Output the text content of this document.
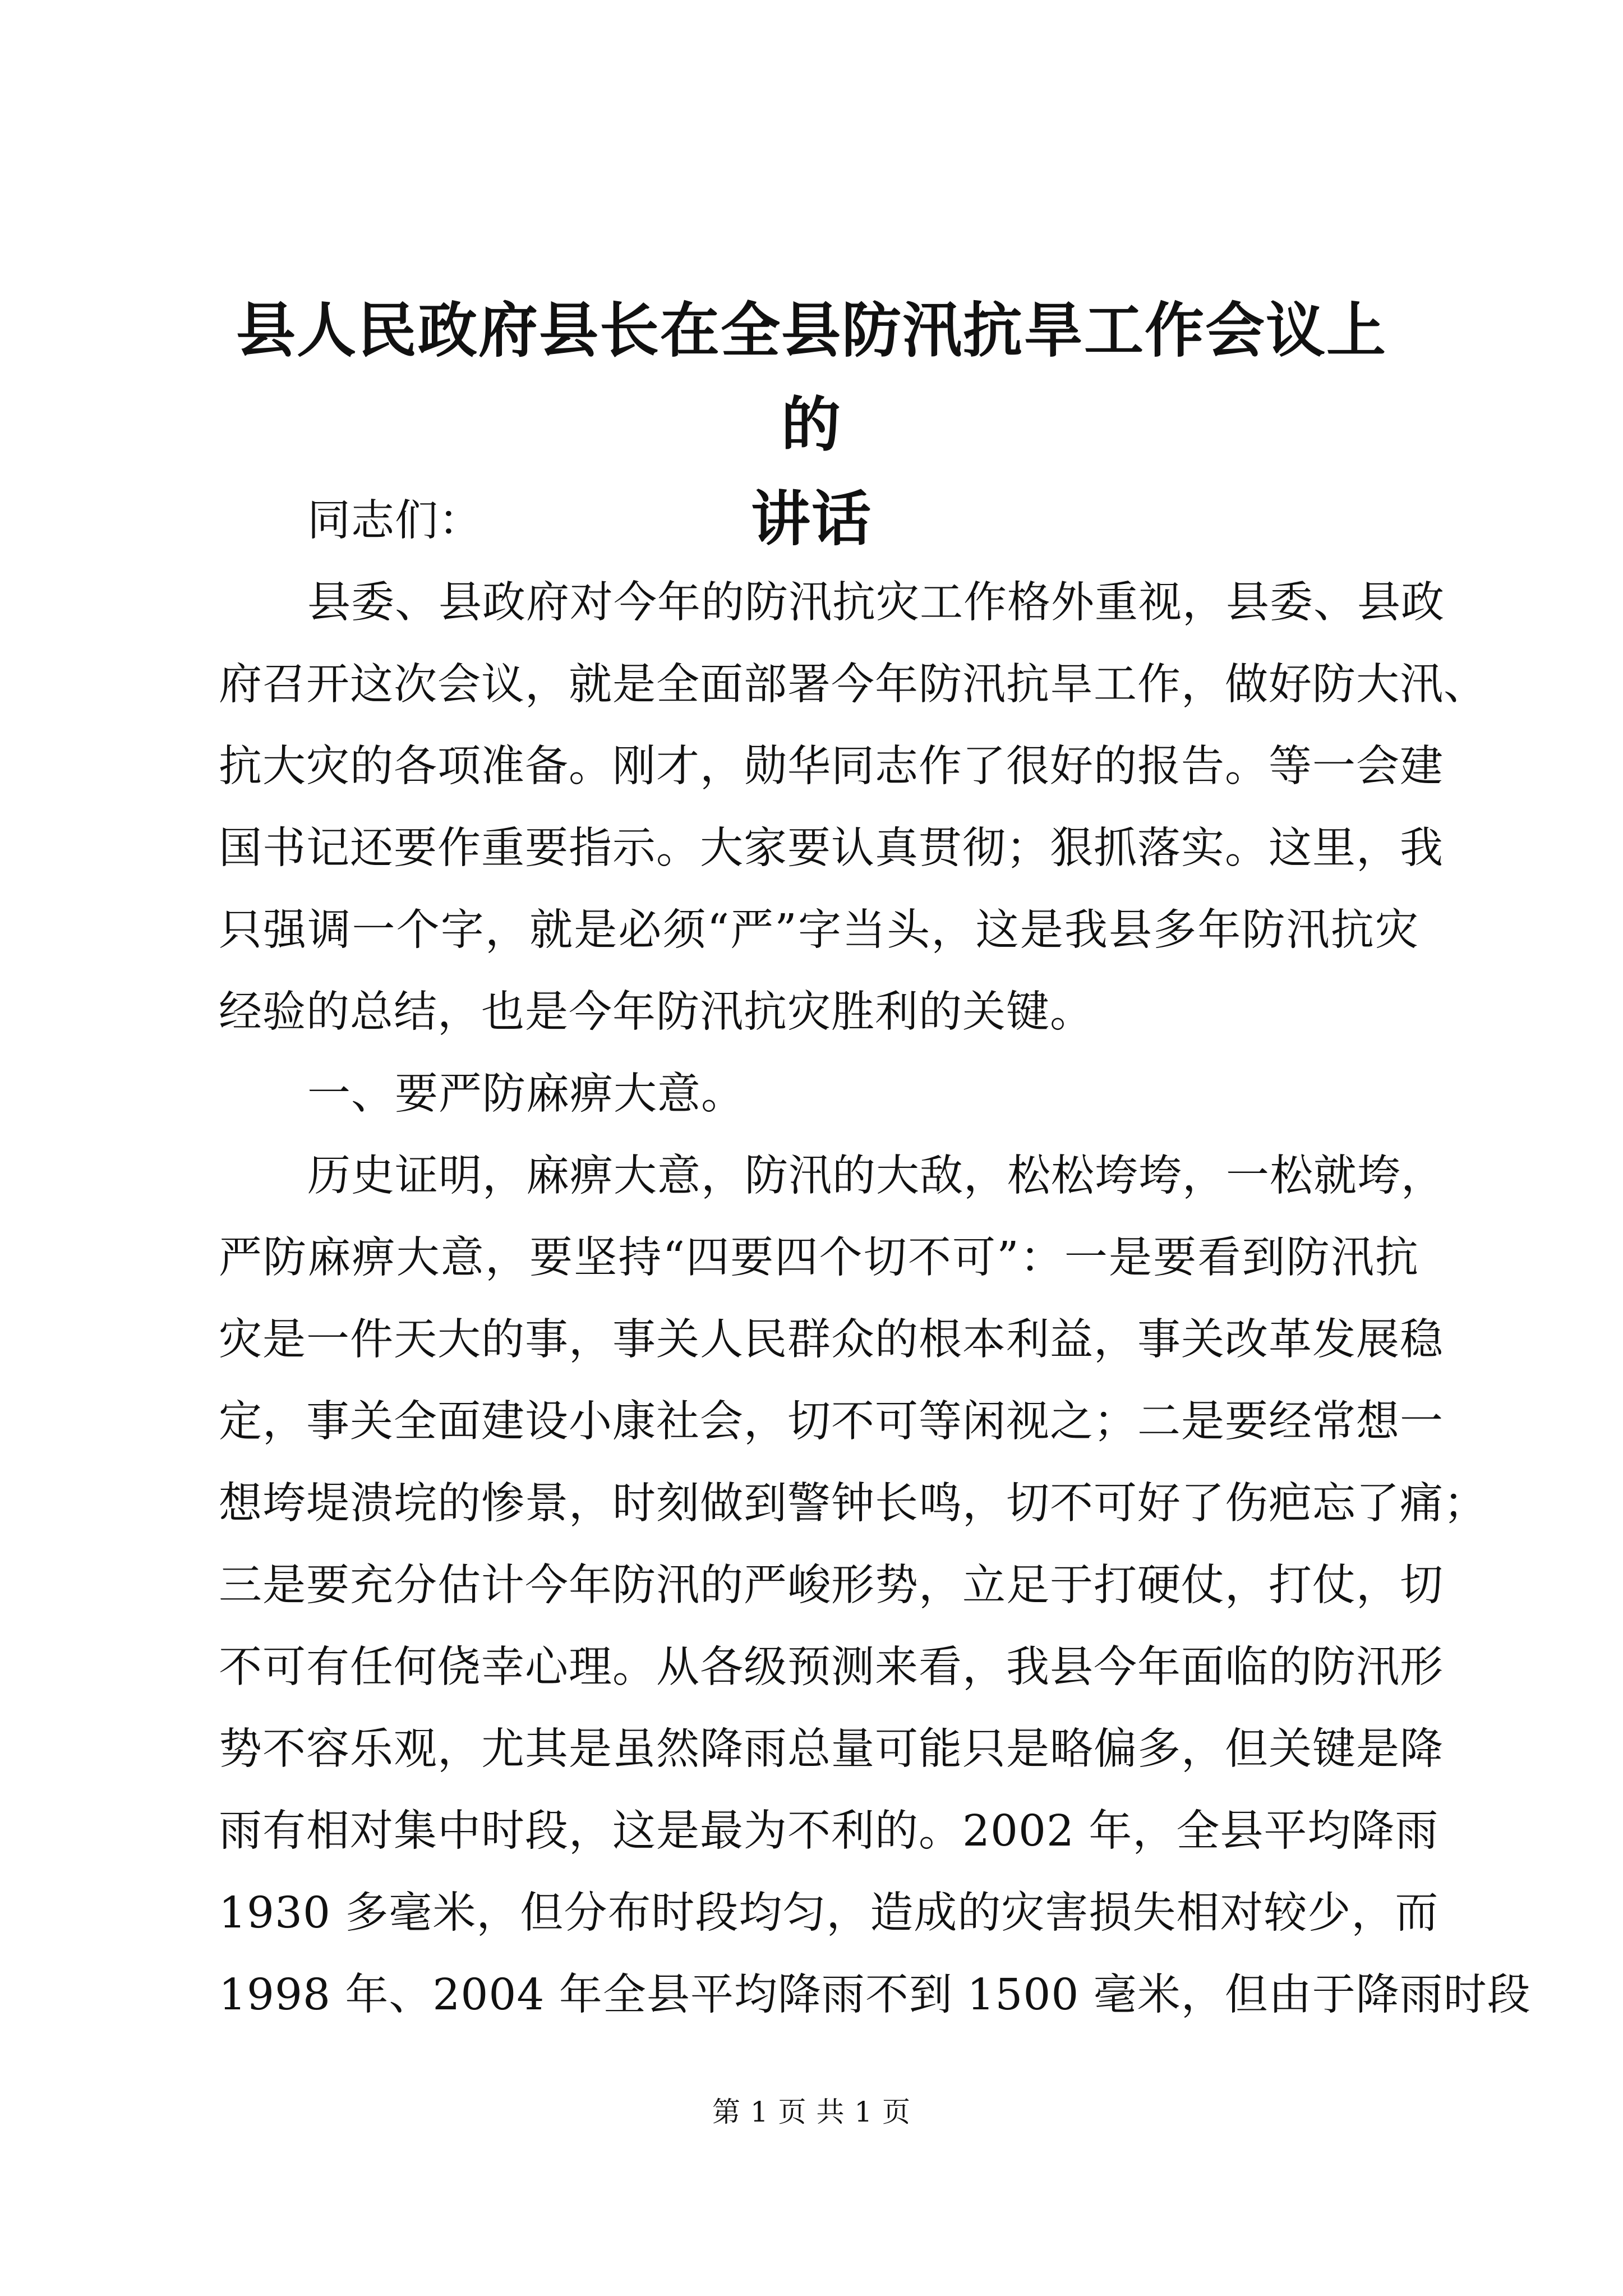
县人民政府县长在全县防汛抗旱工作会议上的
讲话
同志们：
县委、县政府对今年的防汛抗灾工作格外重视，县委、县政
府召开这次会议，就是全面部署今年防汛抗旱工作，做好防大汛、
抗大灾的各项准备。刚才，勋华同志作了很好的报告。等一会建
国书记还要作重要指示。大家要认真贯彻；狠抓落实。这里，我
只强调一个字，就是必须“严”字当头，这是我县多年防汛抗灾
经验的总结，也是今年防汛抗灾胜利的关键。
一、要严防麻痹大意。
历史证明，麻痹大意，防汛的大敌，松松垮垮，一松就垮，
严防麻痹大意，要坚持“四要四个切不可”：一是要看到防汛抗
灾是一件天大的事，事关人民群众的根本利益，事关改革发展稳
定，事关全面建设小康社会，切不可等闲视之；二是要经常想一
想垮堤溃垸的惨景，时刻做到警钟长鸣，切不可好了伤疤忘了痛；
三是要充分估计今年防汛的严峻形势，立足于打硬仗，打仗，切
不可有任何侥幸心理。从各级预测来看，我县今年面临的防汛形
势不容乐观，尤其是虽然降雨总量可能只是略偏多，但关键是降
雨有相对集中时段，这是最为不利的。2002 年，全县平均降雨
1930 多毫米，但分布时段均匀，造成的灾害损失相对较少，而
1998 年、2004 年全县平均降雨不到 1500 毫米，但由于降雨时段
第 1 页 共 1 页
